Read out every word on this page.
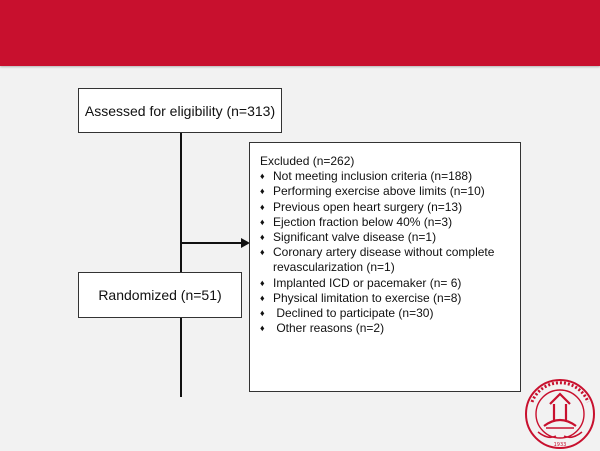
Assessed for eligibility (n=313)
Randomized (n=51)
Excluded (n=262)
♦ Not meeting inclusion criteria (n=188)
♦ Performing exercise above limits (n=10)
♦ Previous open heart surgery (n=13)
♦ Ejection fraction below 40% (n=3)
♦ Significant valve disease (n=1)
♦ Coronary artery disease without complete revascularization (n=1)
♦ Implanted ICD or pacemaker (n= 6)
♦ Physical limitation to exercise (n=8)
♦ Declined to participate (n=30)
♦ Other reasons (n=2)
1933
